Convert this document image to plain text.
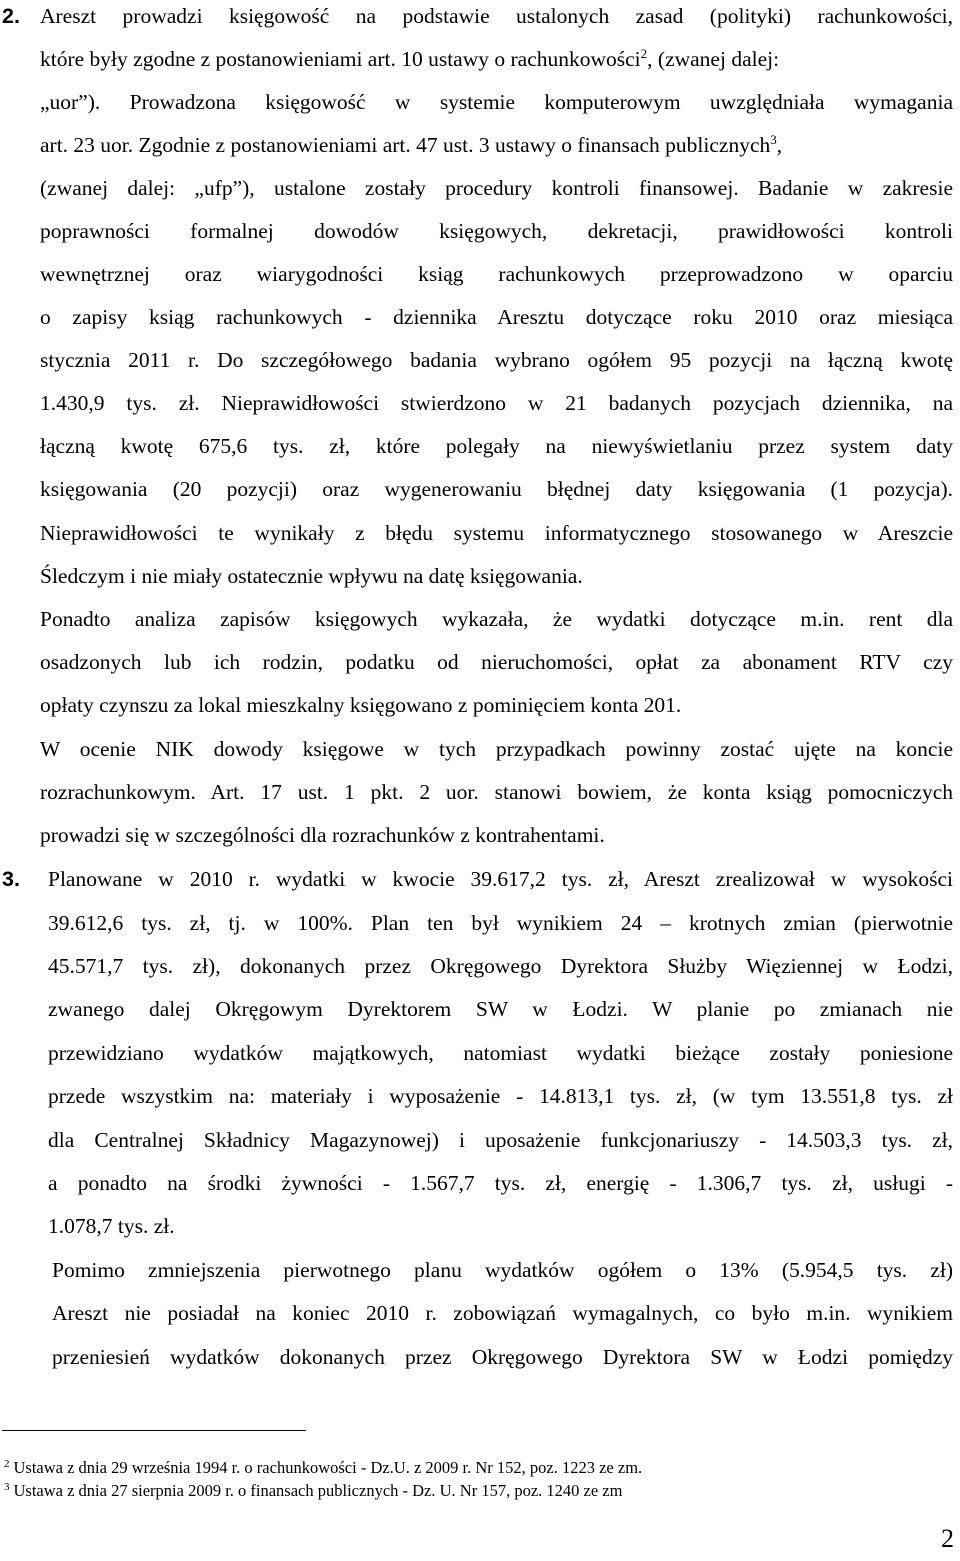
2. Areszt prowadzi księgowość na podstawie ustalonych zasad (polityki) rachunkowości,
które były zgodne z postanowieniami art. 10 ustawy o rachunkowości$^2$, (zwanej dalej:
„uor”). Prowadzona księgowość w systemie komputerowym uwzględniała wymagania
art. 23 uor. Zgodnie z postanowieniami art. 47 ust. 3 ustawy o finansach publicznych$^3$,
(zwanej dalej: „ufp”), ustalone zostały procedury kontroli finansowej. Badanie w zakresie
poprawności formalnej dowodów księgowych, dekretacji, prawidłowości kontroli
wewnętrznej oraz wiarygodności ksiąg rachunkowych przeprowadzono w oparciu
o zapisy ksiąg rachunkowych - dziennika Aresztu dotyczące roku 2010 oraz miesiąca
stycznia 2011 r. Do szczegółowego badania wybrano ogółem 95 pozycji na łączną kwotę
1.430,9 tys. zł. Nieprawidłowości stwierdzono w 21 badanych pozycjach dziennika, na
łączną kwotę 675,6 tys. zł, które polegały na niewyświetlaniu przez system daty
księgowania (20 pozycji) oraz wygenerowaniu błędnej daty księgowania (1 pozycja).
Nieprawidłowości te wynikały z błędu systemu informatycznego stosowanego w Areszcie
Śledczym i nie miały ostatecznie wpływu na datę księgowania.
Ponadto analiza zapisów księgowych wykazała, że wydatki dotyczące m.in. rent dla
osadzonych lub ich rodzin, podatku od nieruchomości, opłat za abonament RTV czy
opłaty czynszu za lokal mieszkalny księgowano z pominięciem konta 201.
W ocenie NIK dowody księgowe w tych przypadkach powinny zostać ujęte na koncie
rozrachunkowym. Art. 17 ust. 1 pkt. 2 uor. stanowi bowiem, że konta ksiąg pomocniczych
prowadzi się w szczególności dla rozrachunków z kontrahentami.
3. Planowane w 2010 r. wydatki w kwocie 39.617,2 tys. zł, Areszt zrealizował w wysokości
39.612,6 tys. zł, tj. w 100%. Plan ten był wynikiem 24 – krotnych zmian (pierwotnie
45.571,7 tys. zł), dokonanych przez Okręgowego Dyrektora Służby Więziennej w Łodzi,
zwanego dalej Okręgowym Dyrektorem SW w Łodzi. W planie po zmianach nie
przewidziano wydatków majątkowych, natomiast wydatki bieżące zostały poniesione
przede wszystkim na: materiały i wyposażenie - 14.813,1 tys. zł, (w tym 13.551,8 tys. zł
dla Centralnej Składnicy Magazynowej) i uposażenie funkcjonariuszy - 14.503,3 tys. zł,
a ponadto na środki żywności - 1.567,7 tys. zł, energię - 1.306,7 tys. zł, usługi -
1.078,7 tys. zł.
Pomimo zmniejszenia pierwotnego planu wydatków ogółem o 13% (5.954,5 tys. zł)
Areszt nie posiadał na koniec 2010 r. zobowiązań wymagalnych, co było m.in. wynikiem
przeniesień wydatków dokonanych przez Okręgowego Dyrektora SW w Łodzi pomiędzy
$^2$ Ustawa z dnia 29 września 1994 r. o rachunkowości - Dz.U. z 2009 r. Nr 152, poz. 1223 ze zm.
$^3$ Ustawa z dnia 27 sierpnia 2009 r. o finansach publicznych - Dz. U. Nr 157, poz. 1240 ze zm
2
